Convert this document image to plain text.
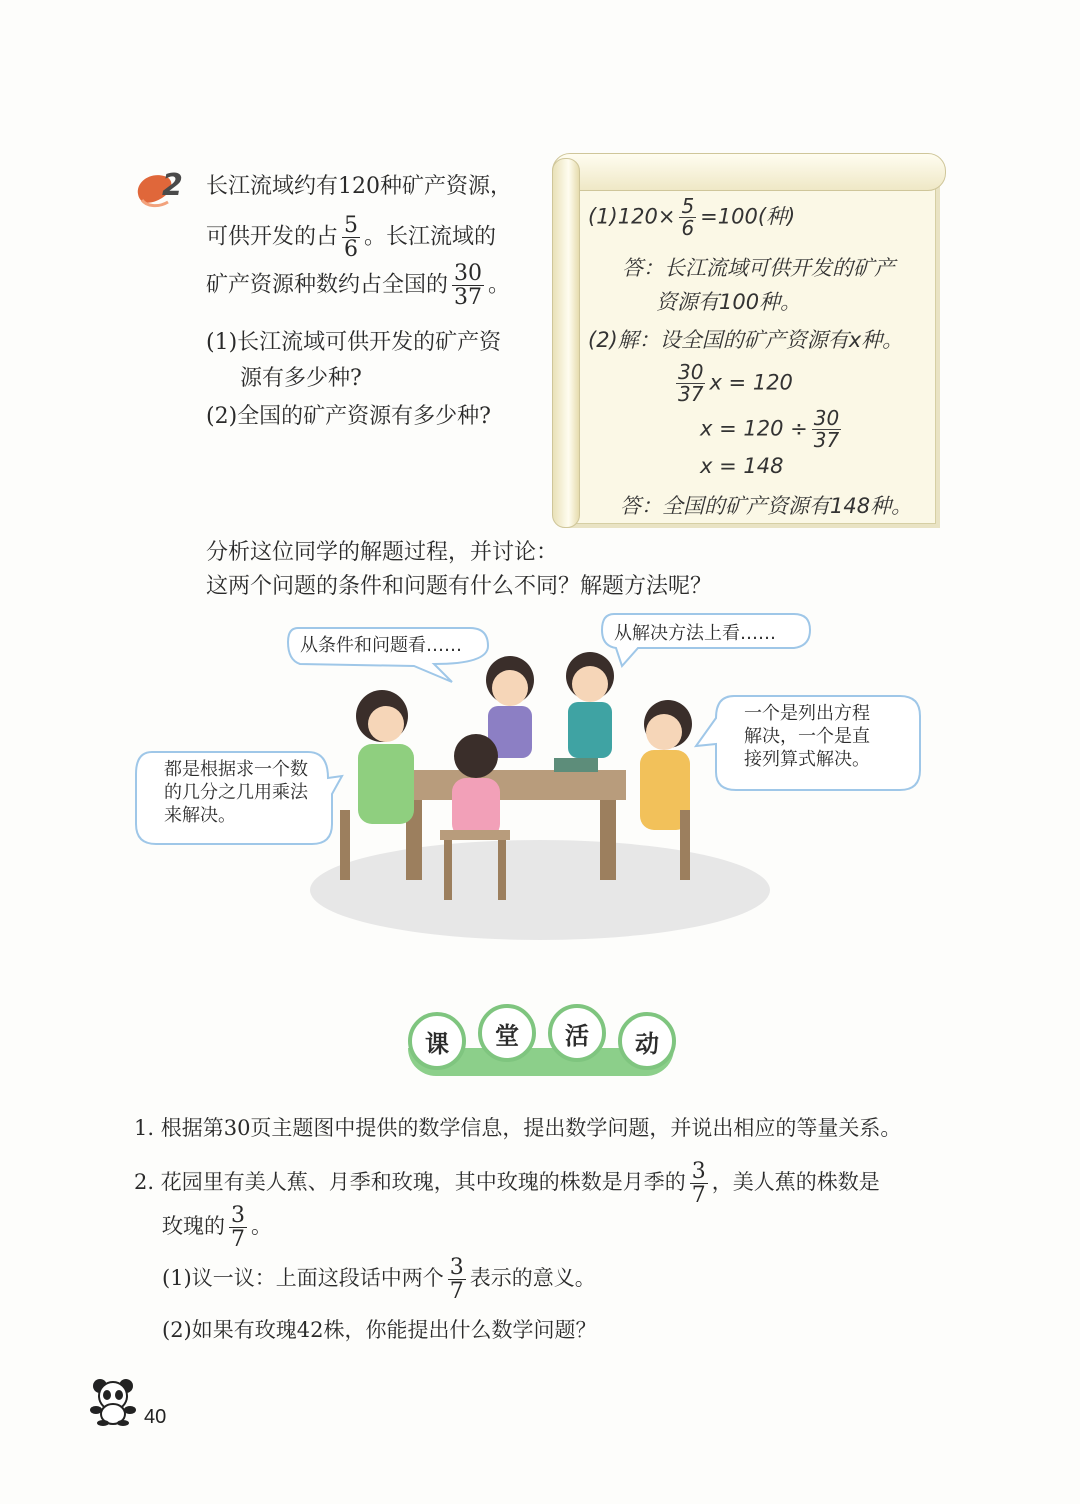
2 长江流域约有120种矿产资源，
可供开发的占 $\frac{5}{6}$ 。长江流域的
矿产资源种数约占全国的 $\frac{30}{37}$ 。
(1)长江流域可供开发的矿产资
源有多少种?
(2)全国的矿产资源有多少种?
$(1)120\times \frac{5}{6} =100$(种)
答：长江流域可供开发的矿产
资源有100种。
(2)解：设全国的矿产资源有x种。
$\frac{30}{37}$ x = 120
$x = 120 \div \frac{30}{37}$
x = 148
答：全国的矿产资源有148种。
分析这位同学的解题过程，并讨论：
这两个问题的条件和问题有什么不同？解题方法呢？
从条件和问题看……
从解决方法上看……
都是根据求一个数
的几分之几用乘法
来解决。
一个是列出方程
解决，一个是直
接列算式解决。
课	堂	活	动
1. 根据第30页主题图中提供的数学信息，提出数学问题，并说出相应的等量关系。
2. 花园里有美人蕉、月季和玫瑰，其中玫瑰的株数是月季的 $\frac{3}{7}$ ，美人蕉的株数是
玫瑰的 $\frac{3}{7}$ 。
(1)议一议：上面这段话中两个 $\frac{3}{7}$ 表示的意义。
(2)如果有玫瑰42株，你能提出什么数学问题？
40
